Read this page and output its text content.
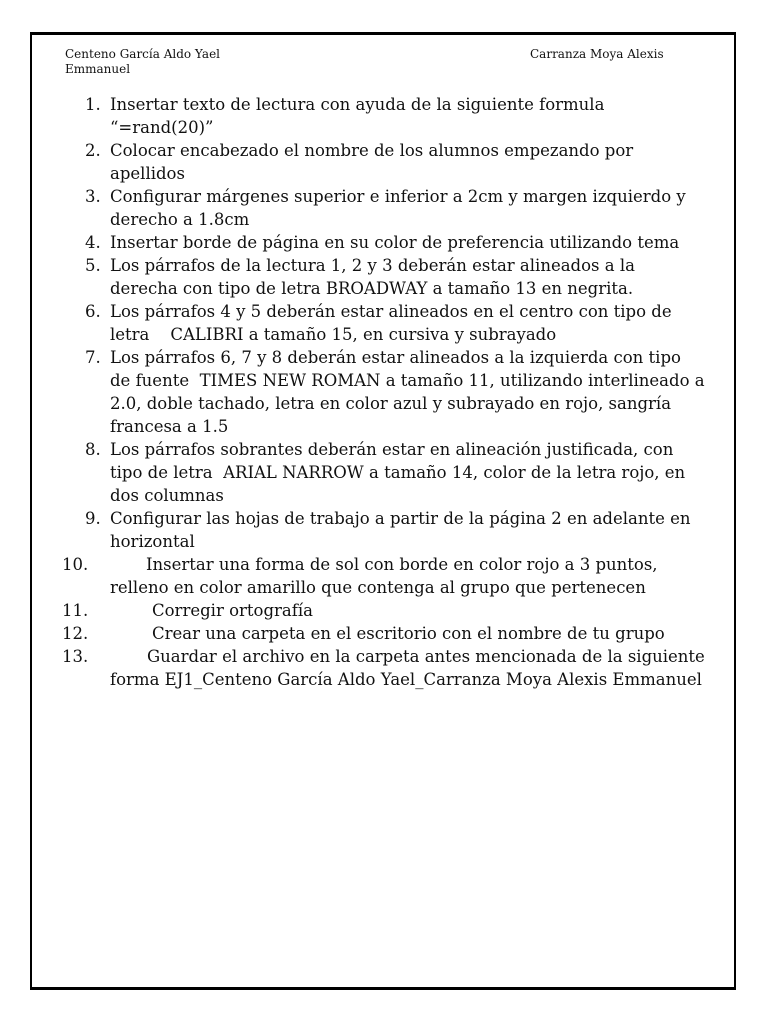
Centeno García Aldo Yael Emmanuel
Carranza Moya Alexis
1. Insertar texto de lectura con ayuda de la siguiente formula “=rand(20)”
2. Colocar encabezado el nombre de los alumnos empezando por apellidos
3. Configurar márgenes superior e inferior a 2cm y margen izquierdo y derecho a 1.8cm
4. Insertar borde de página en su color de preferencia utilizando tema
5. Los párrafos de la lectura 1, 2 y 3 deberán estar alineados a la derecha con tipo de letra BROADWAY a tamaño 13 en negrita.
6. Los párrafos 4 y 5 deberán estar alineados en el centro con tipo de letra    CALIBRI a tamaño 15, en cursiva y subrayado
7. Los párrafos 6, 7 y 8 deberán estar alineados a la izquierda con tipo de fuente  TIMES NEW ROMAN a tamaño 11, utilizando interlineado a 2.0, doble tachado, letra en color azul y subrayado en rojo, sangría francesa a 1.5
8. Los párrafos sobrantes deberán estar en alineación justificada, con tipo de letra  ARIAL NARROW a tamaño 14, color de la letra rojo, en dos columnas
9. Configurar las hojas de trabajo a partir de la página 2 en adelante en horizontal
10.	Insertar una forma de sol con borde en color rojo a 3 puntos, relleno en color amarillo que contenga al grupo que pertenecen
11.	Corregir ortografía
12.	Crear una carpeta en el escritorio con el nombre de tu grupo
13.	Guardar el archivo en la carpeta antes mencionada de la siguiente forma EJ1_Centeno García Aldo Yael_Carranza Moya Alexis Emmanuel
